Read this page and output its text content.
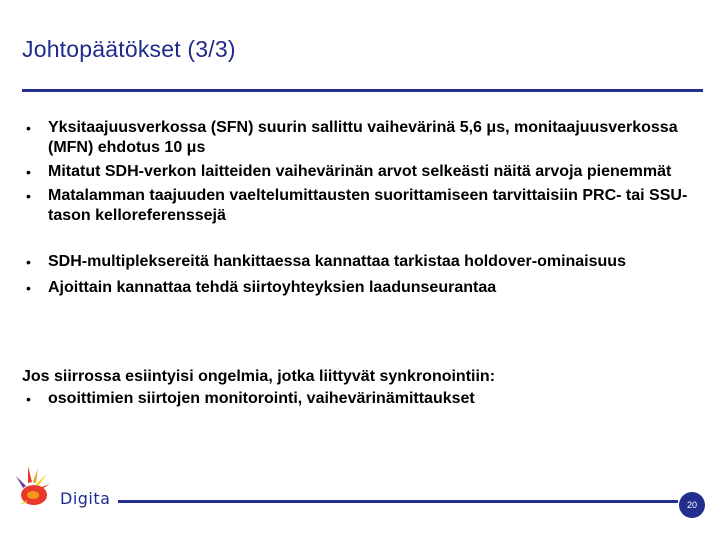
Johtopäätökset (3/3)
• Yksitaajuusverkossa (SFN) suurin sallittu vaihevärinä 5,6 μs, monitaajuusverkossa (MFN) ehdotus 10 μs
• Mitatut SDH-verkon laitteiden vaihevärinän arvot selkeästi näitä arvoja pienemmät
• Matalamman taajuuden vaeltelumittausten suorittamiseen tarvittaisiin PRC- tai SSU-tason kelloreferenssejä
• SDH-multipleksereitä hankittaessa kannattaa tarkistaa holdover-ominaisuus
• Ajoittain kannattaa tehdä siirtoyhteyksien laadunseurantaa
Jos siirrossa esiintyisi ongelmia, jotka liittyvät synkronointiin:
• osoittimien siirtojen monitorointi, vaihevärinämittaukset
Digita	20
